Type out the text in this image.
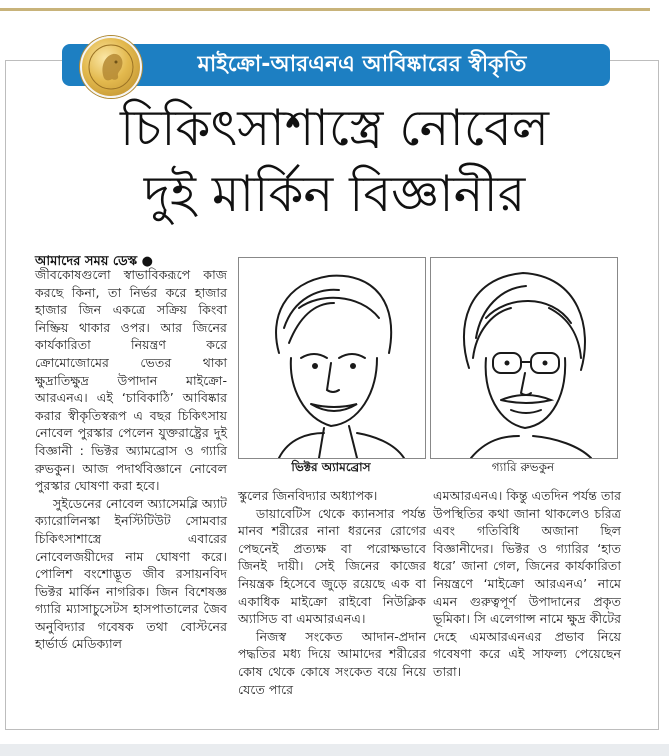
মাইক্রো-আরএনএ আবিষ্কারের স্বীকৃতি
চিকিৎসাশাস্ত্রে নোবেল
দুই মার্কিন বিজ্ঞানীর
আমাদের সময় ডেস্ক ●

জীবকোষগুলো স্বাভাবিকরূপে কাজ করছে কিনা, তা নির্ভর করে হাজার হাজার জিন একত্রে সক্রিয় কিংবা নিষ্ক্রিয় থাকার ওপর। আর জিনের কার্যকারিতা নিয়ন্ত্রণ করে ক্রোমোজোমের ভেতর থাকা ক্ষুদ্রাতিক্ষুদ্র উপাদান মাইক্রো-আরএনএ। এই ‘চাবিকাঠি’ আবিষ্কার করার স্বীকৃতিস্বরূপ এ বছর চিকিৎসায় নোবেল পুরস্কার পেলেন যুক্তরাষ্ট্রের দুই বিজ্ঞানী : ভিক্টর অ্যামব্রোস ও গ্যারি রুভকুন। আজ পদার্থবিজ্ঞানে নোবেল পুরস্কার ঘোষণা করা হবে।

সুইডেনের নোবেল অ্যাসেমব্লি অ্যাট ক্যারোলিনস্কা ইনস্টিটিউট সোমবার চিকিৎসাশাস্ত্রে এবারের নোবেলজয়ীদের নাম ঘোষণা করে। পোলিশ বংশোদ্ভূত জীব রসায়নবিদ ভিক্টর মার্কিন নাগরিক। জিন বিশেষজ্ঞ গ্যারি ম্যাসাচুসেটস হাসপাতালের জৈব অনুবিদ্যার গবেষক তথা বোস্টনের হার্ভার্ড মেডিক্যাল

ভিক্টর অ্যামব্রোস	গ্যারি রুভকুন

স্কুলের জিনবিদ্যার অধ্যাপক।

ডায়াবেটিস থেকে ক্যানসার পর্যন্ত মানব শরীরের নানা ধরনের রোগের পেছনেই প্রত্যক্ষ বা পরোক্ষভাবে জিনই দায়ী। সেই জিনের কাজের নিয়ন্ত্রক হিসেবে জুড়ে রয়েছে এক বা একাধিক মাইক্রো রাইবো নিউক্লিক অ্যাসিড বা এমআরএনএ।

নিজস্ব সংকেত আদান-প্রদান পদ্ধতির মধ্য দিয়ে আমাদের শরীরের কোষ থেকে কোষে সংকেত বয়ে নিয়ে যেতে পারে

এমআরএনএ। কিন্তু এতদিন পর্যন্ত তার উপস্থিতির কথা জানা থাকলেও চরিত্র এবং গতিবিধি অজানা ছিল বিজ্ঞানীদের। ভিক্টর ও গ্যারির ‘হাত ধরে’ জানা গেল, জিনের কার্যকারিতা নিয়ন্ত্রণে ‘মাইক্রো আরএনএ’ নামে এমন গুরুত্বপূর্ণ উপাদানের প্রকৃত ভূমিকা। সি এলেগান্স নামে ক্ষুদ্র কীটের দেহে এমআরএনএর প্রভাব নিয়ে গবেষণা করে এই সাফল্য পেয়েছেন তারা।
